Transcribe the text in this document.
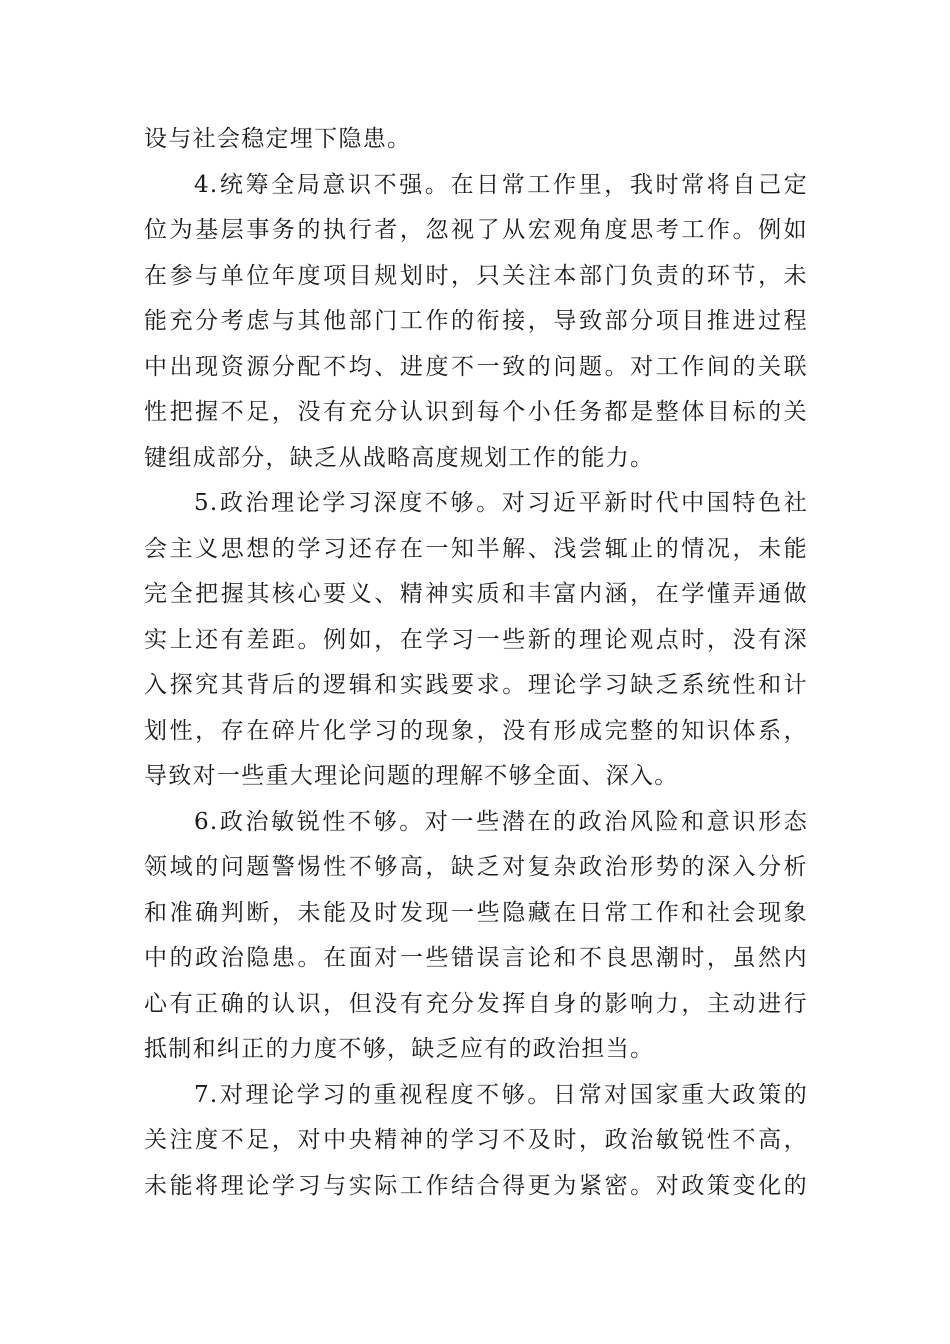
设与社会稳定埋下隐患。
4.统筹全局意识不强。在日常工作里，我时常将自己定
位为基层事务的执行者，忽视了从宏观角度思考工作。例如
在参与单位年度项目规划时，只关注本部门负责的环节，未
能充分考虑与其他部门工作的衔接，导致部分项目推进过程
中出现资源分配不均、进度不一致的问题。对工作间的关联
性把握不足，没有充分认识到每个小任务都是整体目标的关
键组成部分，缺乏从战略高度规划工作的能力。
5.政治理论学习深度不够。对习近平新时代中国特色社
会主义思想的学习还存在一知半解、浅尝辄止的情况，未能
完全把握其核心要义、精神实质和丰富内涵，在学懂弄通做
实上还有差距。例如，在学习一些新的理论观点时，没有深
入探究其背后的逻辑和实践要求。理论学习缺乏系统性和计
划性，存在碎片化学习的现象，没有形成完整的知识体系，
导致对一些重大理论问题的理解不够全面、深入。
6.政治敏锐性不够。对一些潜在的政治风险和意识形态
领域的问题警惕性不够高，缺乏对复杂政治形势的深入分析
和准确判断，未能及时发现一些隐藏在日常工作和社会现象
中的政治隐患。在面对一些错误言论和不良思潮时，虽然内
心有正确的认识，但没有充分发挥自身的影响力，主动进行
抵制和纠正的力度不够，缺乏应有的政治担当。
7.对理论学习的重视程度不够。日常对国家重大政策的
关注度不足，对中央精神的学习不及时，政治敏锐性不高，
未能将理论学习与实际工作结合得更为紧密。对政策变化的
